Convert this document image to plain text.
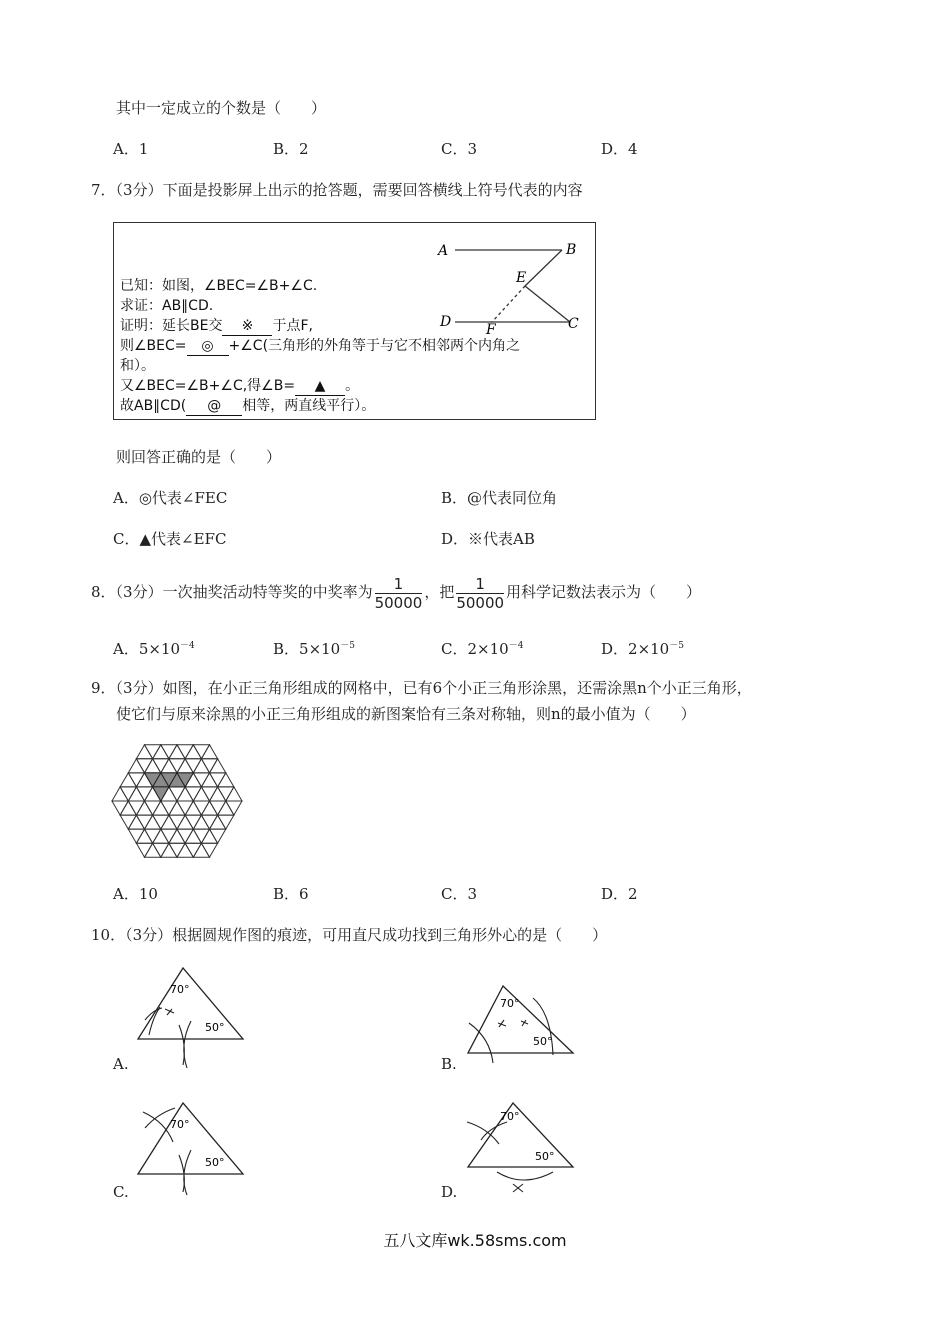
其中一定成立的个数是（　　）
A．1	B．2	C．3	D．4
7．（3分）下面是投影屏上出示的抢答题，需要回答横线上符号代表的内容
已知：如图，∠BEC=∠B+∠C.
求证：AB∥CD.
证明：延长BE交 ※ 于点F,
则∠BEC= ◎ +∠C(三角形的外角等于与它不相邻两个内角之
和）。
又∠BEC=∠B+∠C,得∠B= ▲ 。
故AB∥CD( @ 相等，两直线平行）。
A	B
E
D F	C
则回答正确的是（　　）
A．◎代表∠FEC	B．@代表同位角
C．▲代表∠EFC	D．※代表AB
8．（3分）一次抽奖活动特等奖的中奖率为 $\frac{1}{50000}$ ，把 $\frac{1}{50000}$ 用科学记数法表示为（　　）
A．$5\times 10^{-4}$	B．$5\times 10^{-5}$	C．$2\times 10^{-4}$	D．$2\times 10^{-5}$
9．（3分）如图，在小正三角形组成的网格中，已有6个小正三角形涂黑，还需涂黑n个小正三角形，
使它们与原来涂黑的小正三角形组成的新图案恰有三条对称轴，则n的最小值为（　　）
A．10	B．6	C．3	D．2
10．（3分）根据圆规作图的痕迹，可用直尺成功找到三角形外心的是（　　）
70°
50°
A.
70°
50°
B.
70°
50°
C.
70°
50°
D.
五八文库wk.58sms.com
